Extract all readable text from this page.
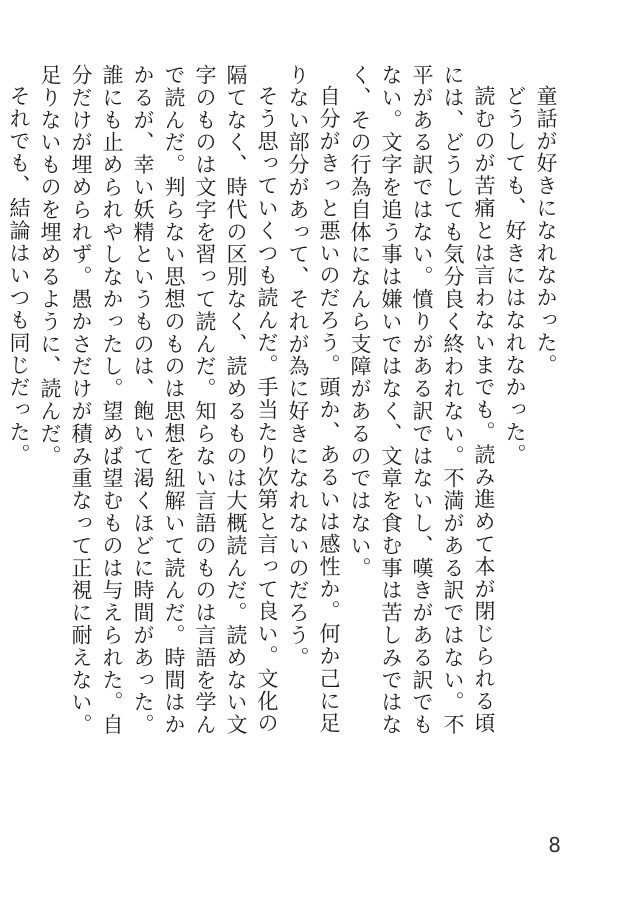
童話が好きになれなかった。

どうしても、好きにはなれなかった。

読むのが苦痛とは言わないまでも。読み進めて本が閉じられる頃には、どうしても気分良く終われない。不満がある訳ではない。不平がある訳ではない。憤りがある訳ではないし、嘆きがある訳でもない。文字を追う事は嫌いではなく、文章を食む事は苦しみではなく、その行為自体になんら支障があるのではない。

自分がきっと悪いのだろう。頭か、あるいは感性か。何か己に足りない部分があって、それが為に好きになれないのだろう。

そう思っていくつも読んだ。手当たり次第と言って良い。文化の隔てなく、時代の区別なく、読めるものは大概読んだ。読めない文字のものは文字を習って読んだ。知らない言語のものは言語を学んで読んだ。判らない思想のものは思想を紐解いて読んだ。時間はかかるが、幸い妖精というものは、飽いて渇くほどに時間があった。誰にも止められやしなかったし。望めば望むものは与えられた。自分だけが埋められず。愚かさだけが積み重なって正視に耐えない。足りないものを埋めるように、読んだ。

それでも、結論はいつも同じだった。

8
